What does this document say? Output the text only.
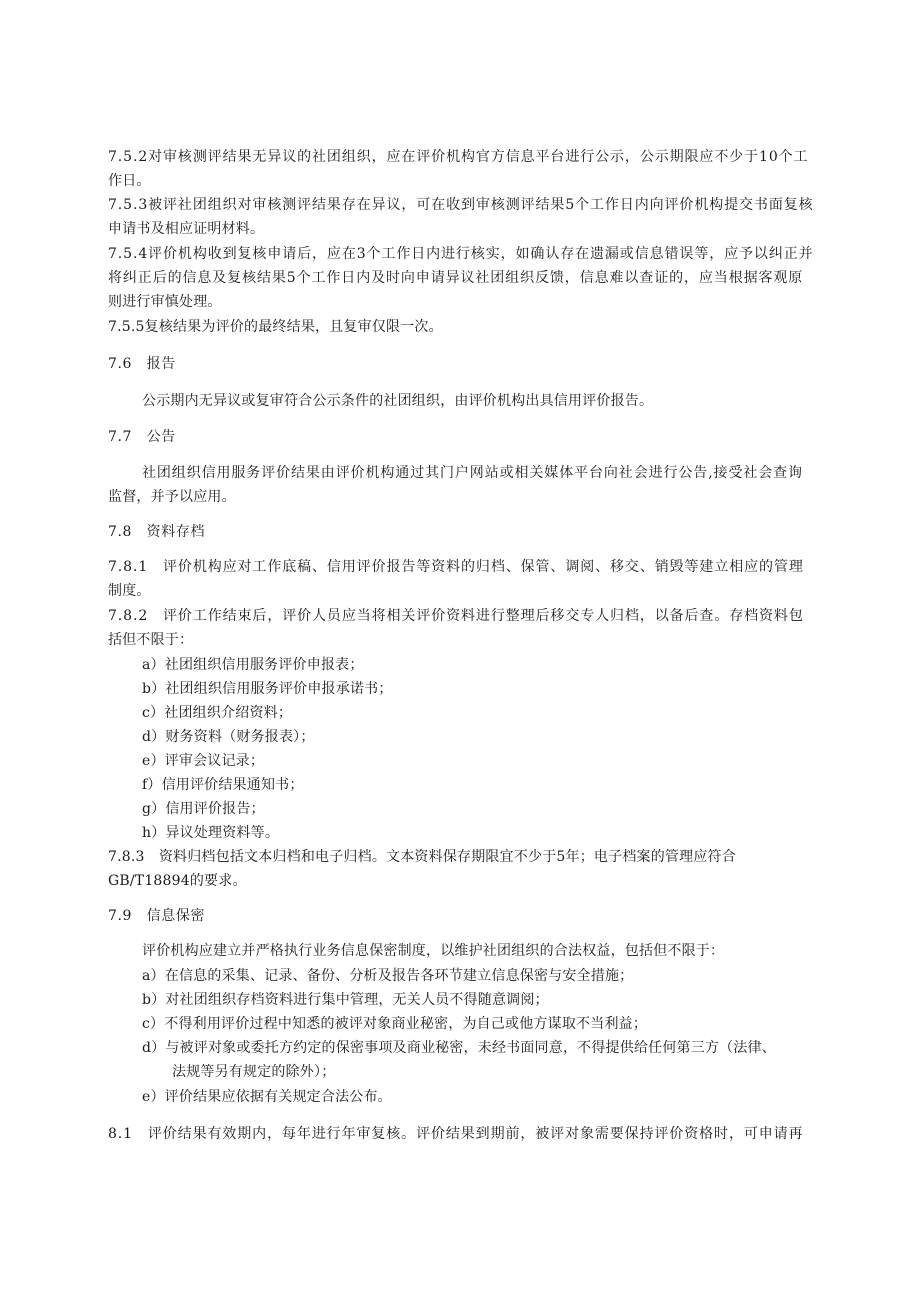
7.5.2对审核测评结果无异议的社团组织，应在评价机构官方信息平台进行公示，公示期限应不少于10个工
作日。
7.5.3被评社团组织对审核测评结果存在异议，可在收到审核测评结果5个工作日内向评价机构提交书面复核
申请书及相应证明材料。
7.5.4评价机构收到复核申请后，应在3个工作日内进行核实，如确认存在遗漏或信息错误等，应予以纠正并
将纠正后的信息及复核结果5个工作日内及时向申请异议社团组织反馈，信息难以查证的，应当根据客观原
则进行审慎处理。
7.5.5复核结果为评价的最终结果，且复审仅限一次。
7.6　报告
公示期内无异议或复审符合公示条件的社团组织，由评价机构出具信用评价报告。
7.7　公告
社团组织信用服务评价结果由评价机构通过其门户网站或相关媒体平台向社会进行公告,接受社会查询
监督，并予以应用。
7.8　资料存档
7.8.1　评价机构应对工作底稿、信用评价报告等资料的归档、保管、调阅、移交、销毁等建立相应的管理
制度。
7.8.2　评价工作结束后，评价人员应当将相关评价资料进行整理后移交专人归档，以备后查。存档资料包
括但不限于：
a）社团组织信用服务评价申报表；
b）社团组织信用服务评价申报承诺书；
c）社团组织介绍资料；
d）财务资料（财务报表）；
e）评审会议记录；
f）信用评价结果通知书；
g）信用评价报告；
h）异议处理资料等。
7.8.3　资料归档包括文本归档和电子归档。文本资料保存期限宜不少于5年；电子档案的管理应符合
GB/T18894的要求。
7.9　信息保密
评价机构应建立并严格执行业务信息保密制度，以维护社团组织的合法权益，包括但不限于：
a）在信息的采集、记录、备份、分析及报告各环节建立信息保密与安全措施；
b）对社团组织存档资料进行集中管理，无关人员不得随意调阅；
c）不得利用评价过程中知悉的被评对象商业秘密，为自己或他方谋取不当利益；
d）与被评对象或委托方约定的保密事项及商业秘密，未经书面同意，不得提供给任何第三方（法律、
法规等另有规定的除外）；
e）评价结果应依据有关规定合法公布。
8.1　评价结果有效期内，每年进行年审复核。评价结果到期前，被评对象需要保持评价资格时，可申请再
